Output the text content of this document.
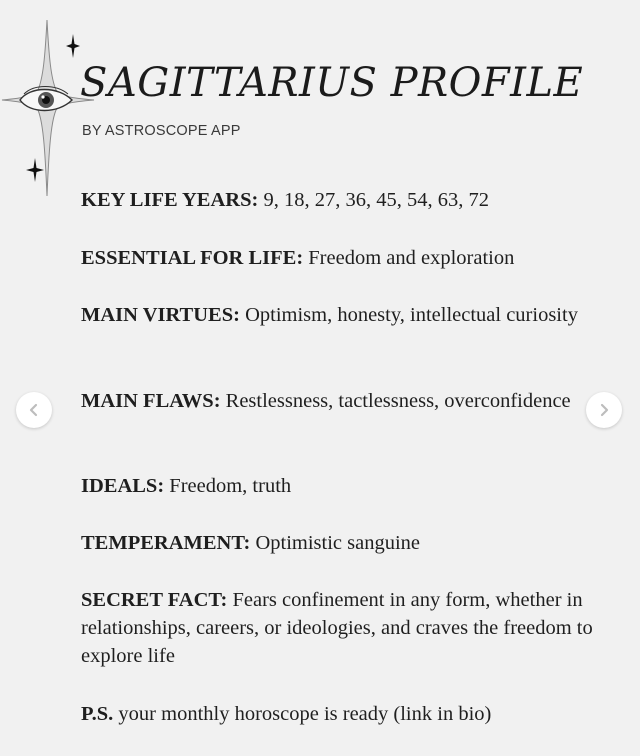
SAGITTARIUS PROFILE
BY ASTROSCOPE APP
KEY LIFE YEARS: 9, 18, 27, 36, 45, 54, 63, 72
ESSENTIAL FOR LIFE: Freedom and exploration
MAIN VIRTUES: Optimism, honesty, intellectual curiosity
MAIN FLAWS: Restlessness, tactlessness, overconfidence
IDEALS: Freedom, truth
TEMPERAMENT: Optimistic sanguine
SECRET FACT: Fears confinement in any form, whether in relationships, careers, or ideologies, and craves the freedom to explore life
P.S. your monthly horoscope is ready (link in bio)
